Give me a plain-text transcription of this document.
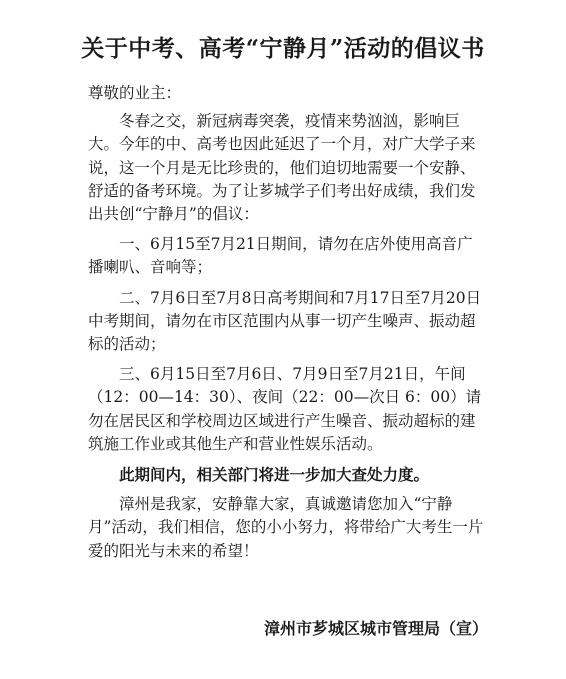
关于中考、高考“宁静月”活动的倡议书

尊敬的业主：

冬春之交，新冠病毒突袭，疫情来势汹汹，影响巨大。今年的中、高考也因此延迟了一个月，对广大学子来说，这一个月是无比珍贵的，他们迫切地需要一个安静、舒适的备考环境。为了让芗城学子们考出好成绩，我们发出共创“宁静月”的倡议：

一、6月15至7月21日期间，请勿在店外使用高音广播喇叭、音响等；

二、7月6日至7月8日高考期间和7月17日至7月20日中考期间，请勿在市区范围内从事一切产生噪声、振动超标的活动；

三、6月15日至7月6日、7月9日至7月21日，午间（12：00—14：30）、夜间（22：00—次日 6：00）请勿在居民区和学校周边区域进行产生噪音、振动超标的建筑施工作业或其他生产和营业性娱乐活动。

此期间内，相关部门将进一步加大查处力度。

漳州是我家，安静靠大家，真诚邀请您加入“宁静月”活动，我们相信，您的小小努力，将带给广大考生一片爱的阳光与未来的希望！

漳州市芗城区城市管理局（宣）
